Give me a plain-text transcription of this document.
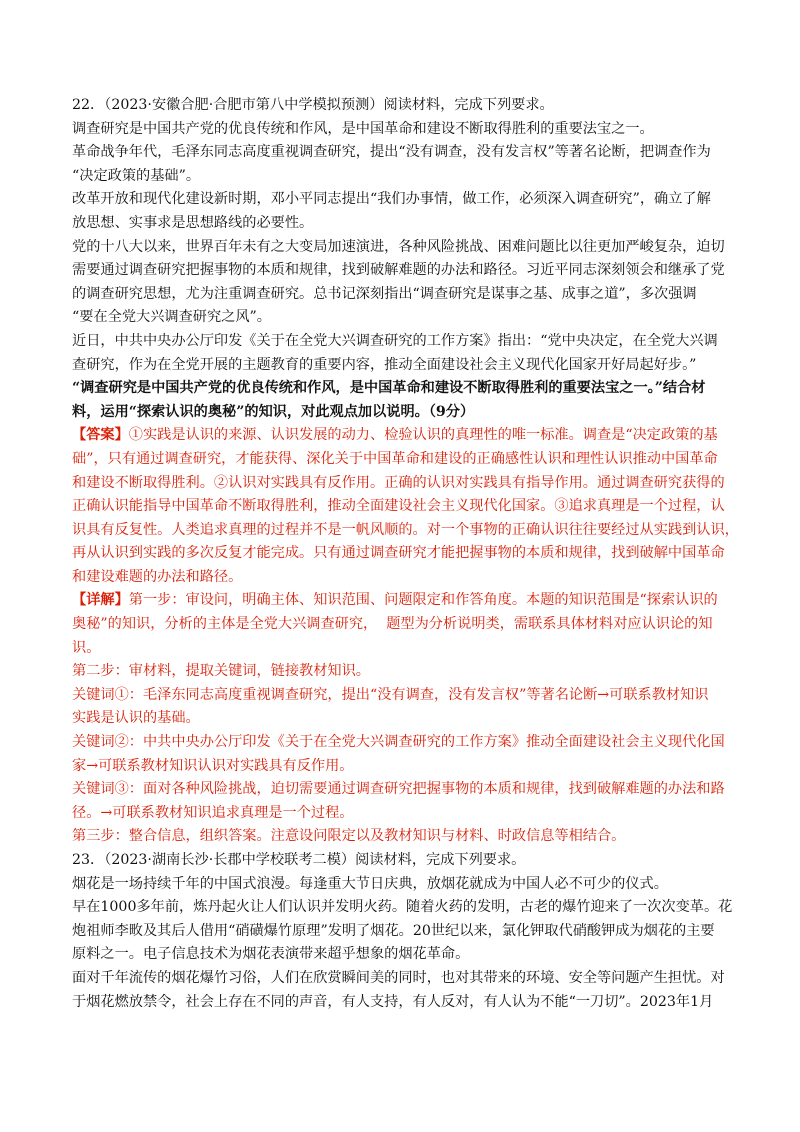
22．（2023·安徽合肥·合肥市第八中学模拟预测）阅读材料，完成下列要求。
调查研究是中国共产党的优良传统和作风，是中国革命和建设不断取得胜利的重要法宝之一。
革命战争年代，毛泽东同志高度重视调查研究，提出“没有调查，没有发言权”等著名论断，把调查作为
“决定政策的基础”。
改革开放和现代化建设新时期，邓小平同志提出“我们办事情，做工作，必须深入调查研究”，确立了解
放思想、实事求是思想路线的必要性。
党的十八大以来，世界百年未有之大变局加速演进，各种风险挑战、困难问题比以往更加严峻复杂，迫切
需要通过调查研究把握事物的本质和规律，找到破解难题的办法和路径。习近平同志深刻领会和继承了党
的调查研究思想，尤为注重调查研究。总书记深刻指出“调查研究是谋事之基、成事之道”，多次强调
“要在全党大兴调查研究之风”。
近日，中共中央办公厅印发《关于在全党大兴调查研究的工作方案》指出：“党中央决定，在全党大兴调
查研究，作为在全党开展的主题教育的重要内容，推动全面建设社会主义现代化国家开好局起好步。”
“调查研究是中国共产党的优良传统和作风，是中国革命和建设不断取得胜利的重要法宝之一。”结合材
料，运用“探索认识的奥秘”的知识，对此观点加以说明。（9分）
【答案】①实践是认识的来源、认识发展的动力、检验认识的真理性的唯一标准。调查是“决定政策的基
础”，只有通过调查研究，才能获得、深化关于中国革命和建设的正确感性认识和理性认识推动中国革命
和建设不断取得胜利。②认识对实践具有反作用。正确的认识对实践具有指导作用。通过调查研究获得的
正确认识能指导中国革命不断取得胜利，推动全面建设社会主义现代化国家。③追求真理是一个过程，认
识具有反复性。人类追求真理的过程并不是一帆风顺的。对一个事物的正确认识往往要经过从实践到认识，
再从认识到实践的多次反复才能完成。只有通过调查研究才能把握事物的本质和规律，找到破解中国革命
和建设难题的办法和路径。
【详解】第一步：审设问，明确主体、知识范围、问题限定和作答角度。本题的知识范围是“探索认识的
奥秘”的知识，分析的主体是全党大兴调查研究，  题型为分析说明类，需联系具体材料对应认识论的知
识。
第二步：审材料，提取关键词，链接教材知识。
关键词①：毛泽东同志高度重视调查研究，提出“没有调查，没有发言权”等著名论断→可联系教材知识
实践是认识的基础。
关键词②：中共中央办公厅印发《关于在全党大兴调查研究的工作方案》推动全面建设社会主义现代化国
家→可联系教材知识认识对实践具有反作用。
关键词③：面对各种风险挑战，迫切需要通过调查研究把握事物的本质和规律，找到破解难题的办法和路
径。→可联系教材知识追求真理是一个过程。
第三步：整合信息，组织答案。注意设问限定以及教材知识与材料、时政信息等相结合。
23．（2023·湖南长沙·长郡中学校联考二模）阅读材料，完成下列要求。
烟花是一场持续千年的中国式浪漫。每逢重大节日庆典，放烟花就成为中国人必不可少的仪式。
早在1000多年前，炼丹起火让人们认识并发明火药。随着火药的发明，古老的爆竹迎来了一次次变革。花
炮祖师李畋及其后人借用“硝磺爆竹原理”发明了烟花。20世纪以来，氯化钾取代硝酸钾成为烟花的主要
原料之一。电子信息技术为烟花表演带来超乎想象的烟花革命。
面对千年流传的烟花爆竹习俗，人们在欣赏瞬间美的同时，也对其带来的环境、安全等问题产生担忧。对
于烟花燃放禁令，社会上存在不同的声音，有人支持，有人反对，有人认为不能“一刀切”。2023年1月
